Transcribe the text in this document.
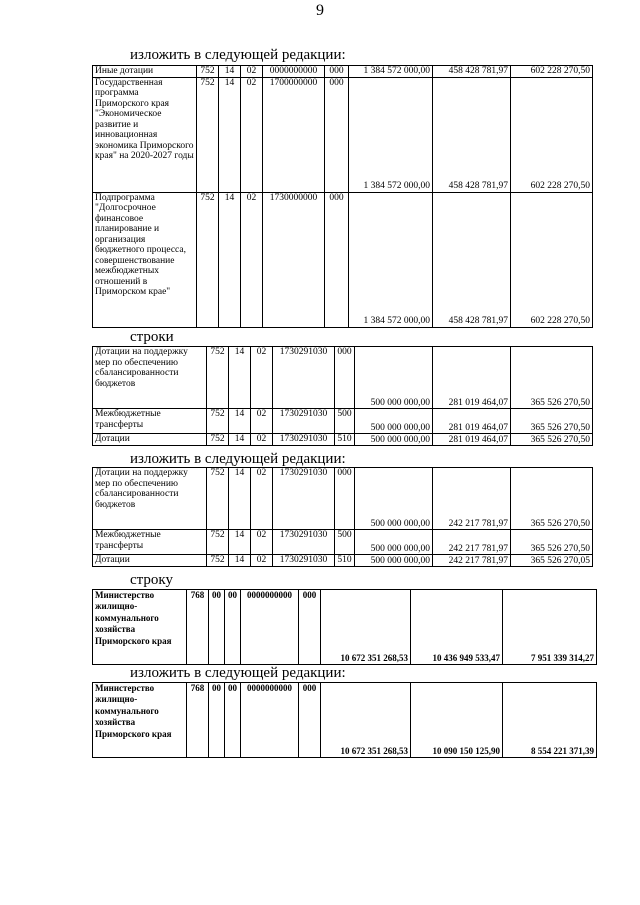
9
изложить в следующей редакции:
Иные дотации	752	14	02	0000000000	000	1 384 572 000,00	458 428 781,97	602 228 270,50
Государственная программа Приморского края "Экономическое развитие и инновационная экономика Приморского края" на 2020-2027 годы	752	14	02	1700000000	000	1 384 572 000,00	458 428 781,97	602 228 270,50
Подпрограмма "Долгосрочное финансовое планирование и организация бюджетного процесса, совершенствование межбюджетных отношений в Приморском крае"	752	14	02	1730000000	000	1 384 572 000,00	458 428 781,97	602 228 270,50
строки
Дотации на поддержку мер по обеспечению сбалансированности бюджетов	752	14	02	1730291030	000	500 000 000,00	281 019 464,07	365 526 270,50
Межбюджетные трансферты	752	14	02	1730291030	500	500 000 000,00	281 019 464,07	365 526 270,50
Дотации	752	14	02	1730291030	510	500 000 000,00	281 019 464,07	365 526 270,50
изложить в следующей редакции:
Дотации на поддержку мер по обеспечению сбалансированности бюджетов	752	14	02	1730291030	000	500 000 000,00	242 217 781,97	365 526 270,50
Межбюджетные трансферты	752	14	02	1730291030	500	500 000 000,00	242 217 781,97	365 526 270,50
Дотации	752	14	02	1730291030	510	500 000 000,00	242 217 781,97	365 526 270,05
строку
Министерство жилищно-коммунального хозяйства Приморского края	768	00	00	0000000000	000	10 672 351 268,53	10 436 949 533,47	7 951 339 314,27
изложить в следующей редакции:
Министерство жилищно-коммунального хозяйства Приморского края	768	00	00	0000000000	000	10 672 351 268,53	10 090 150 125,90	8 554 221 371,39
